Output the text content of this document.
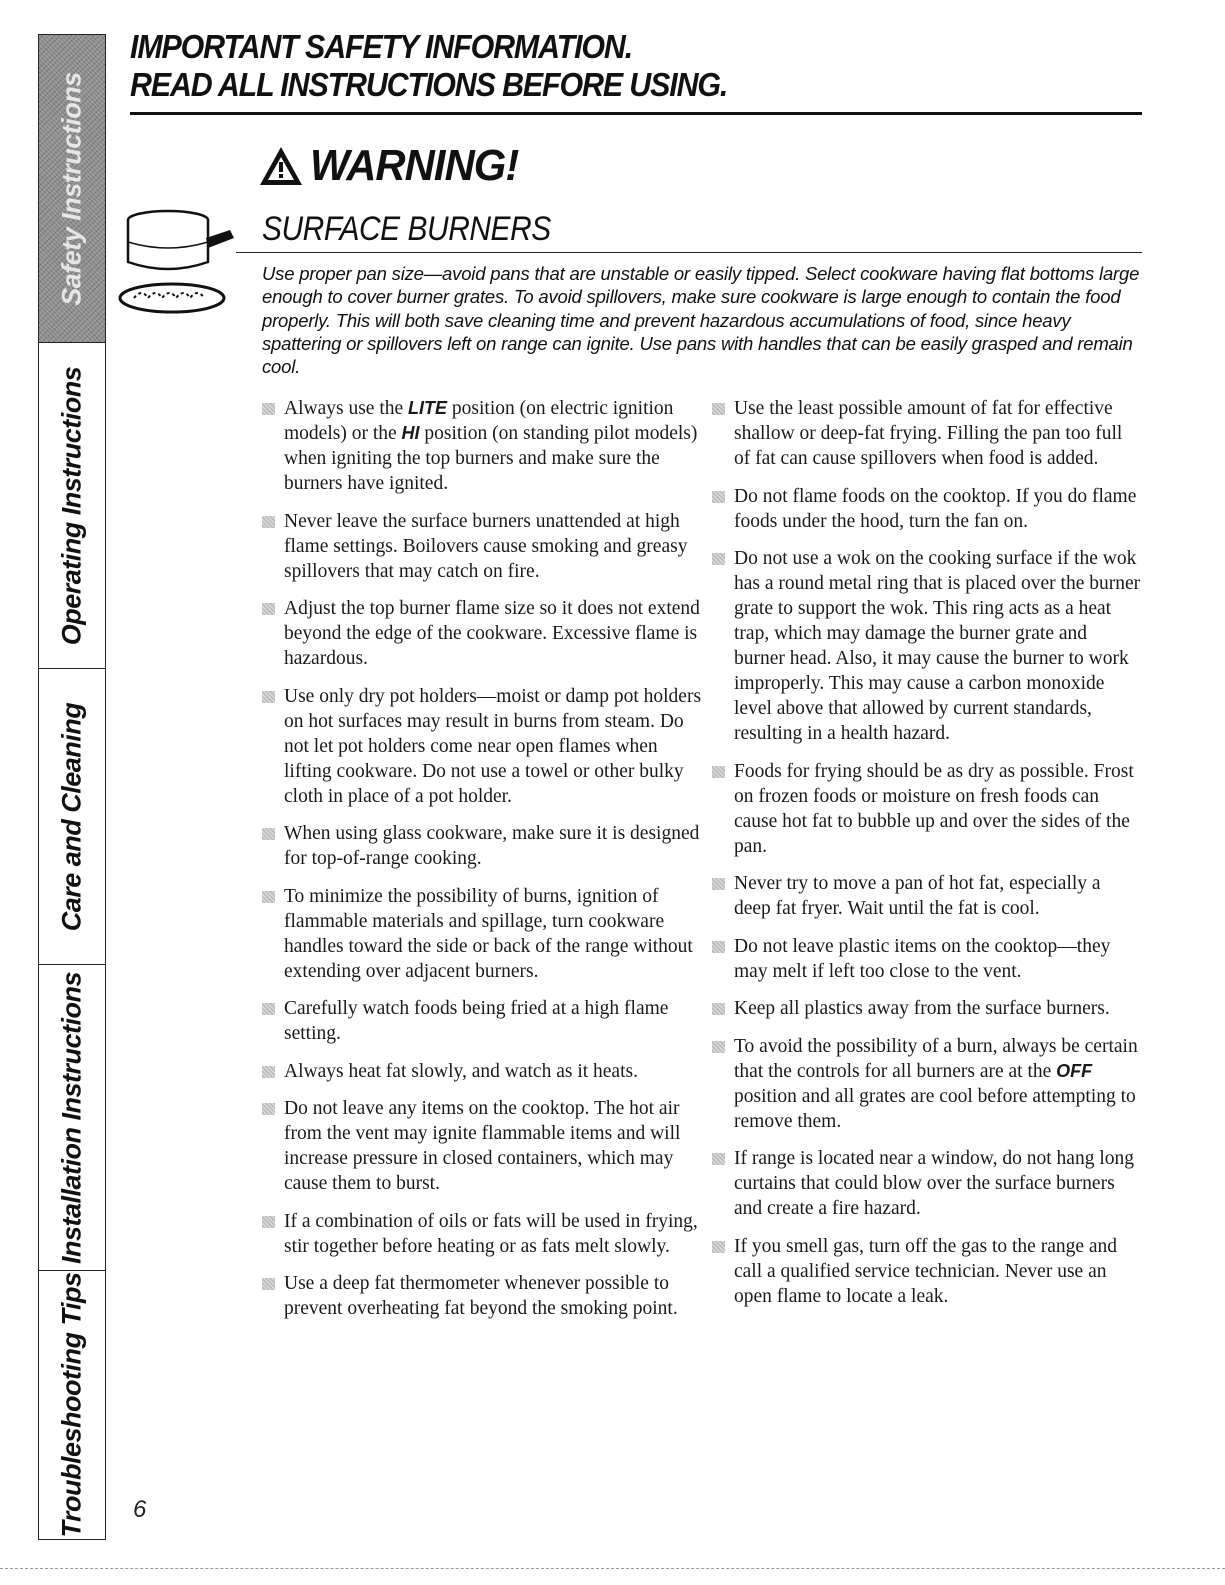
Safety Instructions
Operating Instructions
Care and Cleaning
Installation Instructions
Troubleshooting Tips
IMPORTANT SAFETY INFORMATION.
READ ALL INSTRUCTIONS BEFORE USING.
WARNING!
SURFACE BURNERS
Use proper pan size—avoid pans that are unstable or easily tipped. Select cookware having flat bottoms large enough to cover burner grates. To avoid spillovers, make sure cookware is large enough to contain the food properly. This will both save cleaning time and prevent hazardous accumulations of food, since heavy spattering or spillovers left on range can ignite. Use pans with handles that can be easily grasped and remain cool.
Always use the LITE position (on electric ignition models) or the HI position (on standing pilot models) when igniting the top burners and make sure the burners have ignited.
Never leave the surface burners unattended at high flame settings. Boilovers cause smoking and greasy spillovers that may catch on fire.
Adjust the top burner flame size so it does not extend beyond the edge of the cookware. Excessive flame is hazardous.
Use only dry pot holders—moist or damp pot holders on hot surfaces may result in burns from steam. Do not let pot holders come near open flames when lifting cookware. Do not use a towel or other bulky cloth in place of a pot holder.
When using glass cookware, make sure it is designed for top-of-range cooking.
To minimize the possibility of burns, ignition of flammable materials and spillage, turn cookware handles toward the side or back of the range without extending over adjacent burners.
Carefully watch foods being fried at a high flame setting.
Always heat fat slowly, and watch as it heats.
Do not leave any items on the cooktop. The hot air from the vent may ignite flammable items and will increase pressure in closed containers, which may cause them to burst.
If a combination of oils or fats will be used in frying, stir together before heating or as fats melt slowly.
Use a deep fat thermometer whenever possible to prevent overheating fat beyond the smoking point.
Use the least possible amount of fat for effective shallow or deep-fat frying. Filling the pan too full of fat can cause spillovers when food is added.
Do not flame foods on the cooktop. If you do flame foods under the hood, turn the fan on.
Do not use a wok on the cooking surface if the wok has a round metal ring that is placed over the burner grate to support the wok. This ring acts as a heat trap, which may damage the burner grate and burner head. Also, it may cause the burner to work improperly. This may cause a carbon monoxide level above that allowed by current standards, resulting in a health hazard.
Foods for frying should be as dry as possible. Frost on frozen foods or moisture on fresh foods can cause hot fat to bubble up and over the sides of the pan.
Never try to move a pan of hot fat, especially a deep fat fryer. Wait until the fat is cool.
Do not leave plastic items on the cooktop—they may melt if left too close to the vent.
Keep all plastics away from the surface burners.
To avoid the possibility of a burn, always be certain that the controls for all burners are at the OFF position and all grates are cool before attempting to remove them.
If range is located near a window, do not hang long curtains that could blow over the surface burners and create a fire hazard.
If you smell gas, turn off the gas to the range and call a qualified service technician. Never use an open flame to locate a leak.
6
